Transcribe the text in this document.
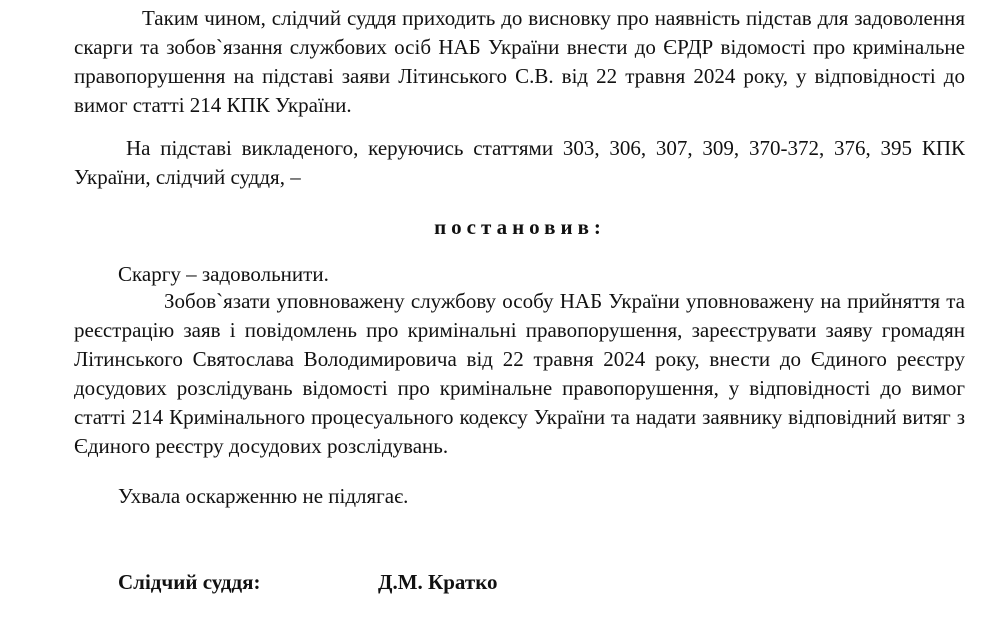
Таким чином, слідчий суддя приходить до висновку про наявність підстав для задоволення скарги та зобов`язання службових осіб НАБ України внести до ЄРДР відомості про кримінальне правопорушення на підставі заяви Літинського С.В. від 22 травня 2024 року, у відповідності до вимог статті 214 КПК України.

На підставі викладеного, керуючись статтями 303, 306, 307, 309, 370-372, 376, 395 КПК України, слідчий суддя, –

постановив:

Скаргу – задовольнити.

Зобов`язати уповноважену службову особу НАБ України уповноважену на прийняття та реєстрацію заяв і повідомлень про кримінальні правопорушення, зареєструвати заяву громадян Літинського Святослава Володимировича від 22 травня 2024 року, внести до Єдиного реєстру досудових розслідувань відомості про кримінальне правопорушення, у відповідності до вимог статті 214 Кримінального процесуального кодексу України та надати заявнику відповідний витяг з Єдиного реєстру досудових розслідувань.

Ухвала оскарженню не підлягає.

Слідчий суддя:	Д.М. Кратко
